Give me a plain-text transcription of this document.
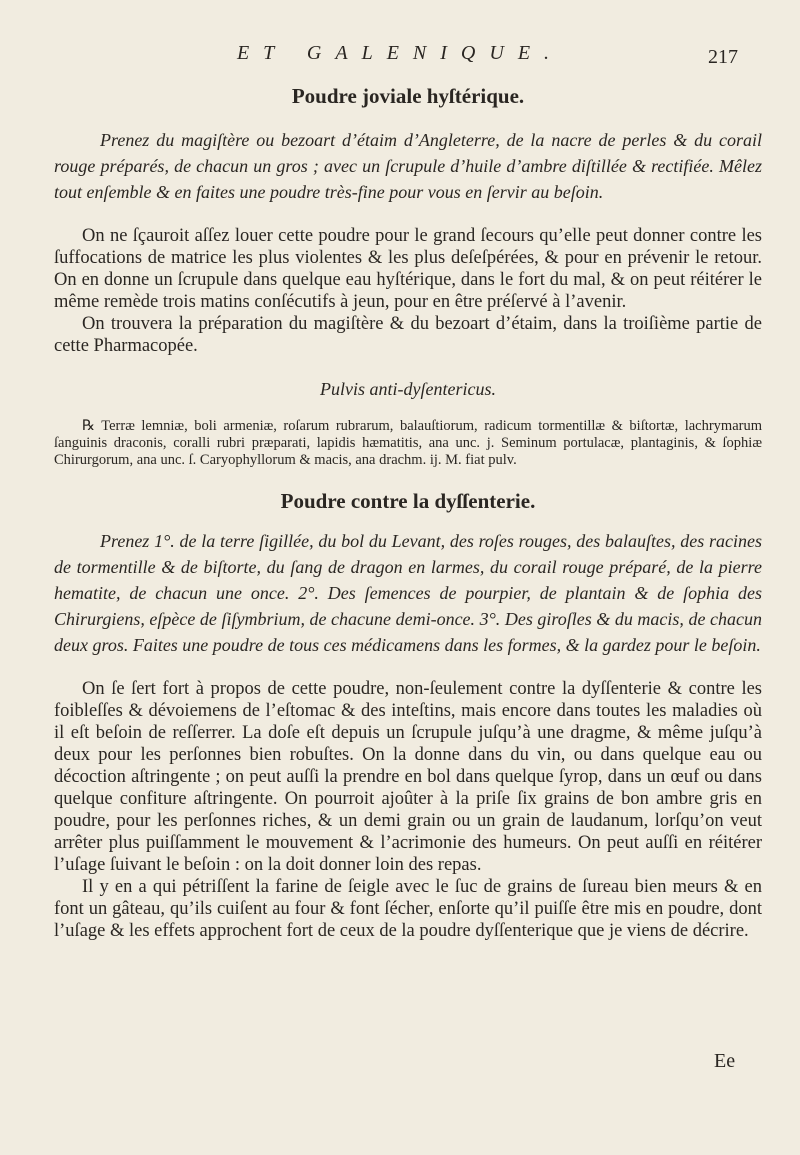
ET GALENIQUE.	217
Poudre joviale hyſtérique.

Prenez du magiſtère ou bezoart d’étaim d’Angleterre, de la nacre de perles & du corail rouge préparés, de chacun un gros ; avec un ſcrupule d’huile d’ambre diſtillée & rectifiée. Mêlez tout enſemble & en faites une poudre très-fine pour vous en ſervir au beſoin.

On ne ſçauroit aſſez louer cette poudre pour le grand ſecours qu’elle peut donner contre les ſuffocations de matrice les plus violentes & les plus deſeſpérées, & pour en prévenir le retour. On en donne un ſcrupule dans quelque eau hyſtérique, dans le fort du mal, & on peut réitérer le même remède trois matins conſécutifs à jeun, pour en être préſervé à l’avenir.

On trouvera la préparation du magiſtère & du bezoart d’étaim, dans la troiſième partie de cette Pharmacopée.

Pulvis anti-dyſentericus.

℞ Terræ lemniæ, boli armeniæ, roſarum rubrarum, balauſtiorum, radicum tormentillæ & biſtortæ, lachrymarum ſanguinis draconis, coralli rubri præparati, lapidis hæmatitis, ana unc. j. Seminum portulacæ, plantaginis, & ſophiæ Chirurgorum, ana unc. ſ. Caryophyllorum & macis, ana drachm. ij. M. fiat pulv.

Poudre contre la dyſſenterie.

Prenez 1°. de la terre ſigillée, du bol du Levant, des roſes rouges, des balauſtes, des racines de tormentille & de biſtorte, du ſang de dragon en larmes, du corail rouge préparé, de la pierre hematite, de chacun une once. 2°. Des ſemences de pourpier, de plantain & de ſophia des Chirurgiens, eſpèce de ſiſymbrium, de chacune demi-once. 3°. Des giroſles & du macis, de chacun deux gros. Faites une poudre de tous ces médicamens dans les formes, & la gardez pour le beſoin.

On ſe ſert fort à propos de cette poudre, non-ſeulement contre la dyſſenterie & contre les foibleſſes & dévoiemens de l’eſtomac & des inteſtins, mais encore dans toutes les maladies où il eſt beſoin de reſſerrer. La doſe eſt depuis un ſcrupule juſqu’à une dragme, & même juſqu’à deux pour les perſonnes bien robuſtes. On la donne dans du vin, ou dans quelque eau ou décoction aſtringente ; on peut auſſi la prendre en bol dans quelque ſyrop, dans un œuf ou dans quelque confiture aſtringente. On pourroit ajoûter à la priſe ſix grains de bon ambre gris en poudre, pour les perſonnes riches, & un demi grain ou un grain de laudanum, lorſqu’on veut arrêter plus puiſſamment le mouvement & l’acrimonie des humeurs. On peut auſſi en réitérer l’uſage ſuivant le beſoin : on la doit donner loin des repas.

Il y en a qui pétriſſent la farine de ſeigle avec le ſuc de grains de ſureau bien meurs & en font un gâteau, qu’ils cuiſent au four & font ſécher, enſorte qu’il puiſſe être mis en poudre, dont l’uſage & les effets approchent fort de ceux de la poudre dyſſenterique que je viens de décrire.

Ee
